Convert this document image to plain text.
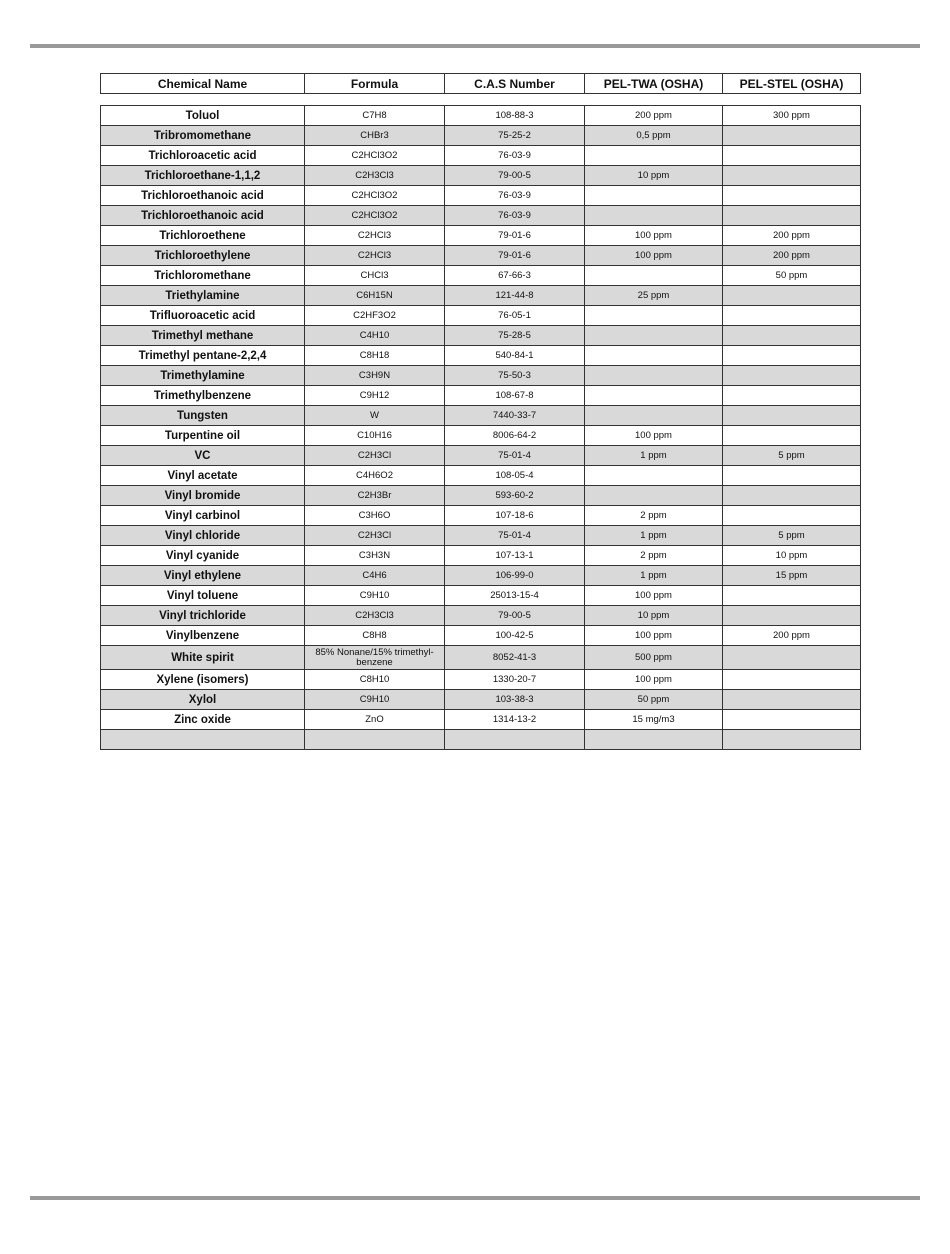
Chemical Name	Formula	C.A.S Number	PEL-TWA (OSHA)	PEL-STEL (OSHA)
Toluol	C7H8	108-88-3	200 ppm	300 ppm
Tribromomethane	CHBr3	75-25-2	0,5 ppm	
Trichloroacetic acid	C2HCl3O2	76-03-9		
Trichloroethane-1,1,2	C2H3Cl3	79-00-5	10 ppm	
Trichloroethanoic acid	C2HCl3O2	76-03-9		
Trichloroethanoic acid	C2HCl3O2	76-03-9		
Trichloroethene	C2HCl3	79-01-6	100 ppm	200 ppm
Trichloroethylene	C2HCl3	79-01-6	100 ppm	200 ppm
Trichloromethane	CHCl3	67-66-3		50 ppm
Triethylamine	C6H15N	121-44-8	25 ppm	
Trifluoroacetic acid	C2HF3O2	76-05-1		
Trimethyl methane	C4H10	75-28-5		
Trimethyl pentane-2,2,4	C8H18	540-84-1		
Trimethylamine	C3H9N	75-50-3		
Trimethylbenzene	C9H12	108-67-8		
Tungsten	W	7440-33-7		
Turpentine oil	C10H16	8006-64-2	100 ppm	
VC	C2H3Cl	75-01-4	1 ppm	5 ppm
Vinyl acetate	C4H6O2	108-05-4		
Vinyl bromide	C2H3Br	593-60-2		
Vinyl carbinol	C3H6O	107-18-6	2 ppm	
Vinyl chloride	C2H3Cl	75-01-4	1 ppm	5 ppm
Vinyl cyanide	C3H3N	107-13-1	2 ppm	10 ppm
Vinyl ethylene	C4H6	106-99-0	1 ppm	15 ppm
Vinyl toluene	C9H10	25013-15-4	100 ppm	
Vinyl trichloride	C2H3Cl3	79-00-5	10 ppm	
Vinylbenzene	C8H8	100-42-5	100 ppm	200 ppm
White spirit	85% Nonane/15% trimethyl-benzene	8052-41-3	500 ppm	
Xylene (isomers)	C8H10	1330-20-7	100 ppm	
Xylol	C9H10	103-38-3	50 ppm	
Zinc oxide	ZnO	1314-13-2	15 mg/m3	
